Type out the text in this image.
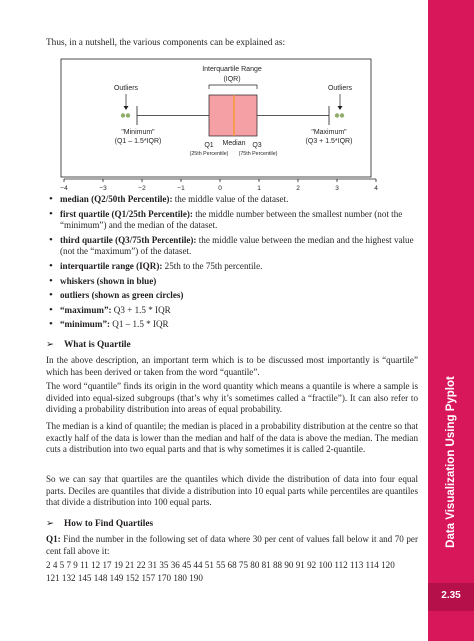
Thus, in a nutshell, the various components can be explained as:
Interquartile Range
(IQR)
Outliers	Outliers
"Minimum"
(Q1 – 1.5*IQR)
"Maximum"
(Q3 + 1.5*IQR)
Median
Q1	Q3
(25th Percentile) (75th Percentile)
−4	−3	−2	−1	0	1	2	3	4
• median (Q2/50th Percentile): the middle value of the dataset.
• first quartile (Q1/25th Percentile): the middle number between the smallest number (not the “minimum”) and the median of the dataset.
• third quartile (Q3/75th Percentile): the middle value between the median and the highest value (not the “maximum”) of the dataset.
• interquartile range (IQR): 25th to the 75th percentile.
• whiskers (shown in blue)
• outliers (shown as green circles)
• “maximum”: Q3 + 1.5 * IQR
• “minimum”: Q1 – 1.5 * IQR
➢ What is Quartile

In the above description, an important term which is to be discussed most importantly is “quartile” which has been derived or taken from the word “quantile”.

The word “quantile” finds its origin in the word quantity which means a quantile is where a sample is divided into equal-sized subgroups (that’s why it’s sometimes called a “fractile”). It can also refer to dividing a probability distribution into areas of equal probability.

The median is a kind of quantile; the median is placed in a probability distribution at the centre so that exactly half of the data is lower than the median and half of the data is above the median. The median cuts a distribution into two equal parts and that is why sometimes it is called 2-quantile.

So we can say that quartiles are the quantiles which divide the distribution of data into four equal parts. Deciles are quantiles that divide a distribution into 10 equal parts while percentiles are quantiles that divide a distribution into 100 equal parts.

➢ How to Find Quartiles

Q1: Find the number in the following set of data where 30 per cent of values fall below it and 70 per cent fall above it:

2 4 5 7 9 11 12 17 19 21 22 31 35 36 45 44 51 55 68 75 80 81 88 90 91 92 100 112 113 114 120

121 132 145 148 149 152 157 170 180 190

Data Visualization Using Pyplot
2.35
